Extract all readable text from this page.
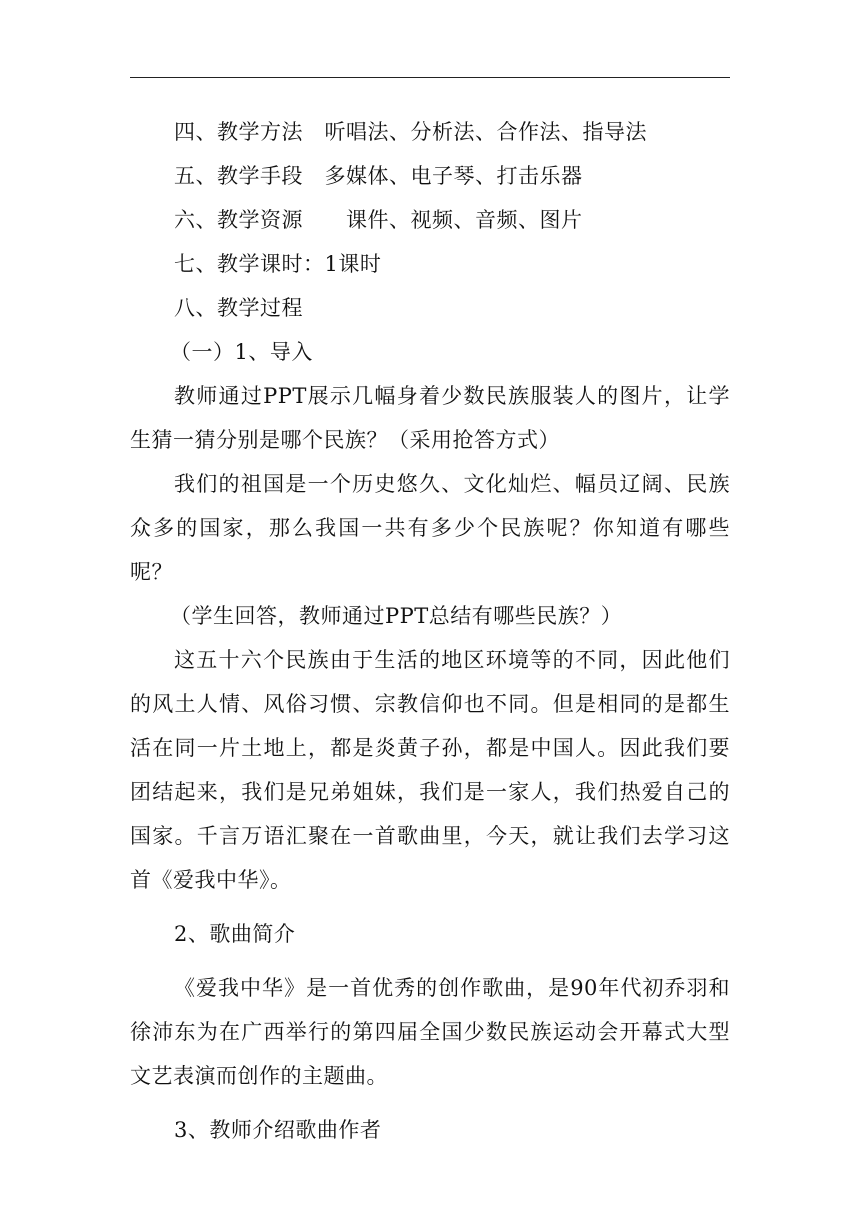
四、教学方法　听唱法、分析法、合作法、指导法

五、教学手段　多媒体、电子琴、打击乐器

六、教学资源　　课件、视频、音频、图片

七、教学课时：1课时

八、教学过程

（一）1、导入

教师通过PPT展示几幅身着少数民族服装人的图片，让学生猜一猜分别是哪个民族？（采用抢答方式）

我们的祖国是一个历史悠久、文化灿烂、幅员辽阔、民族众多的国家，那么我国一共有多少个民族呢？你知道有哪些呢？

（学生回答，教师通过PPT总结有哪些民族？）

这五十六个民族由于生活的地区环境等的不同，因此他们的风土人情、风俗习惯、宗教信仰也不同。但是相同的是都生活在同一片土地上，都是炎黄子孙，都是中国人。因此我们要团结起来，我们是兄弟姐妹，我们是一家人，我们热爱自己的国家。千言万语汇聚在一首歌曲里，今天，就让我们去学习这首《爱我中华》。

2、歌曲简介

《爱我中华》是一首优秀的创作歌曲，是90年代初乔羽和徐沛东为在广西举行的第四届全国少数民族运动会开幕式大型文艺表演而创作的主题曲。

3、教师介绍歌曲作者
